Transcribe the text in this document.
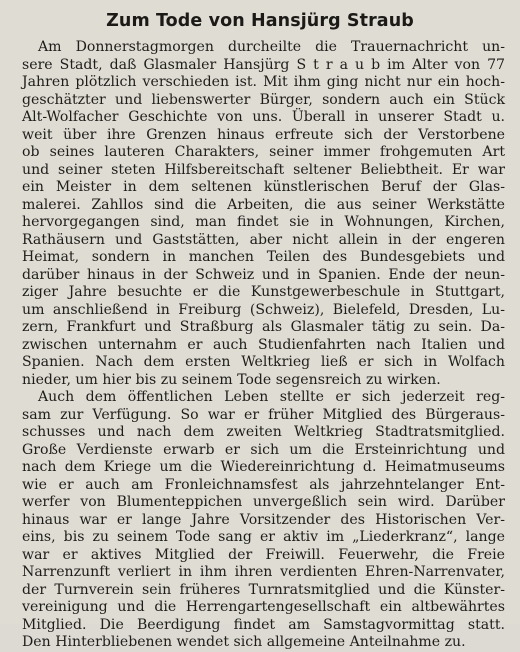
Zum Tode von Hansjürg Straub
Am Donnerstagmorgen durcheilte die Trauernachricht un-
sere Stadt, daß Glasmaler Hansjürg S t r a u b im Alter von 77
Jahren plötzlich verschieden ist. Mit ihm ging nicht nur ein hoch-
geschätzter und liebenswerter Bürger, sondern auch ein Stück
Alt-Wolfacher Geschichte von uns. Überall in unserer Stadt u.
weit über ihre Grenzen hinaus erfreute sich der Verstorbene
ob seines lauteren Charakters, seiner immer frohgemuten Art
und seiner steten Hilfsbereitschaft seltener Beliebtheit. Er war
ein Meister in dem seltenen künstlerischen Beruf der Glas-
malerei. Zahllos sind die Arbeiten, die aus seiner Werkstätte
hervorgegangen sind, man findet sie in Wohnungen, Kirchen,
Rathäusern und Gaststätten, aber nicht allein in der engeren
Heimat, sondern in manchen Teilen des Bundesgebiets und
darüber hinaus in der Schweiz und in Spanien. Ende der neun-
ziger Jahre besuchte er die Kunstgewerbeschule in Stuttgart,
um anschließend in Freiburg (Schweiz), Bielefeld, Dresden, Lu-
zern, Frankfurt und Straßburg als Glasmaler tätig zu sein. Da-
zwischen unternahm er auch Studienfahrten nach Italien und
Spanien. Nach dem ersten Weltkrieg ließ er sich in Wolfach
nieder, um hier bis zu seinem Tode segensreich zu wirken.
Auch dem öffentlichen Leben stellte er sich jederzeit reg-
sam zur Verfügung. So war er früher Mitglied des Bürgeraus-
schusses und nach dem zweiten Weltkrieg Stadtratsmitglied.
Große Verdienste erwarb er sich um die Ersteinrichtung und
nach dem Kriege um die Wiedereinrichtung d. Heimatmuseums
wie er auch am Fronleichnamsfest als jahrzehntelanger Ent-
werfer von Blumenteppichen unvergeßlich sein wird. Darüber
hinaus war er lange Jahre Vorsitzender des Historischen Ver-
eins, bis zu seinem Tode sang er aktiv im „Liederkranz“, lange
war er aktives Mitglied der Freiwill. Feuerwehr, die Freie
Narrenzunft verliert in ihm ihren verdienten Ehren-Narrenvater,
der Turnverein sein früheres Turnratsmitglied und die Künster-
vereinigung und die Herrengartengesellschaft ein altbewährtes
Mitglied. Die Beerdigung findet am Samstagvormittag statt.
Den Hinterbliebenen wendet sich allgemeine Anteilnahme zu.
